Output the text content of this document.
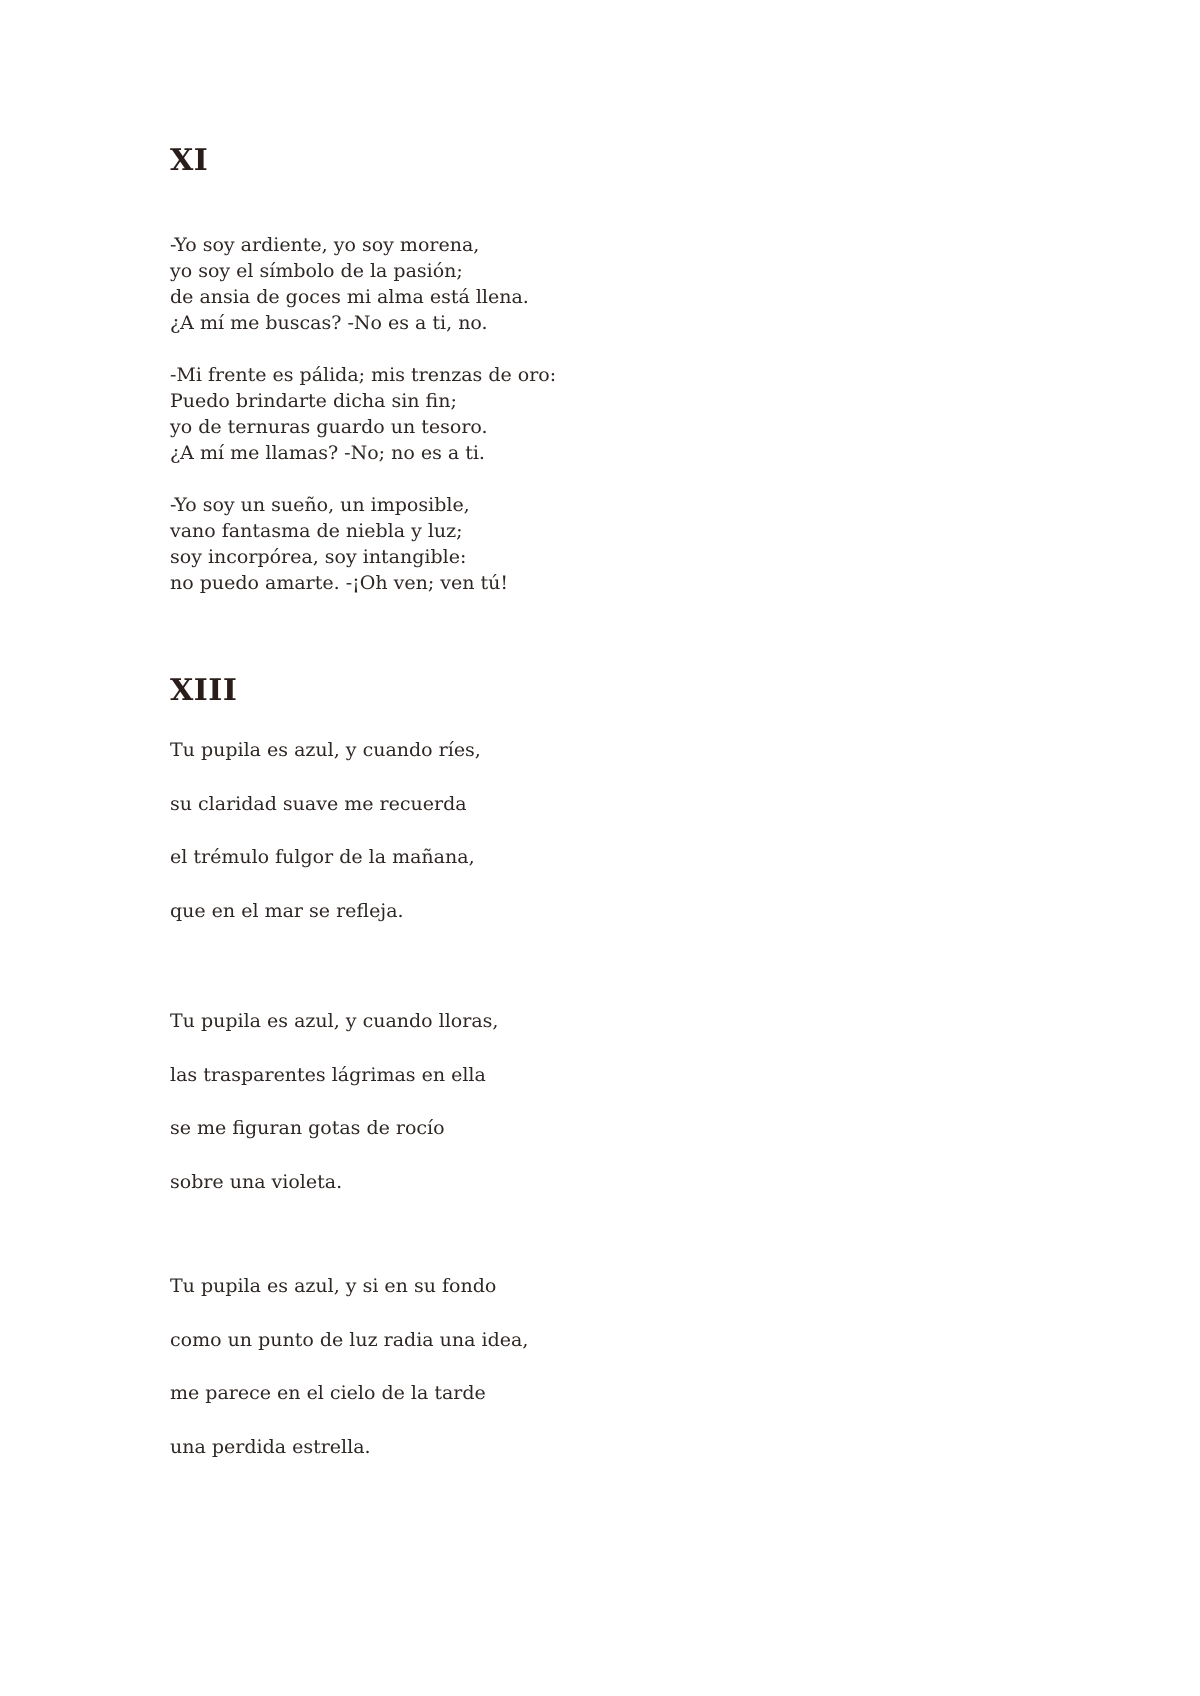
XI
-Yo soy ardiente, yo soy morena,
yo soy el símbolo de la pasión;
de ansia de goces mi alma está llena.
¿A mí me buscas? -No es a ti, no.
-Mi frente es pálida; mis trenzas de oro:
Puedo brindarte dicha sin fin;
yo de ternuras guardo un tesoro.
¿A mí me llamas? -No; no es a ti.
-Yo soy un sueño, un imposible,
vano fantasma de niebla y luz;
soy incorpórea, soy intangible:
no puedo amarte. -¡Oh ven; ven tú!
XIII
Tu pupila es azul, y cuando ríes,
su claridad suave me recuerda
el trémulo fulgor de la mañana,
que en el mar se refleja.
Tu pupila es azul, y cuando lloras,
las trasparentes lágrimas en ella
se me figuran gotas de rocío
sobre una violeta.
Tu pupila es azul, y si en su fondo
como un punto de luz radia una idea,
me parece en el cielo de la tarde
una perdida estrella.
